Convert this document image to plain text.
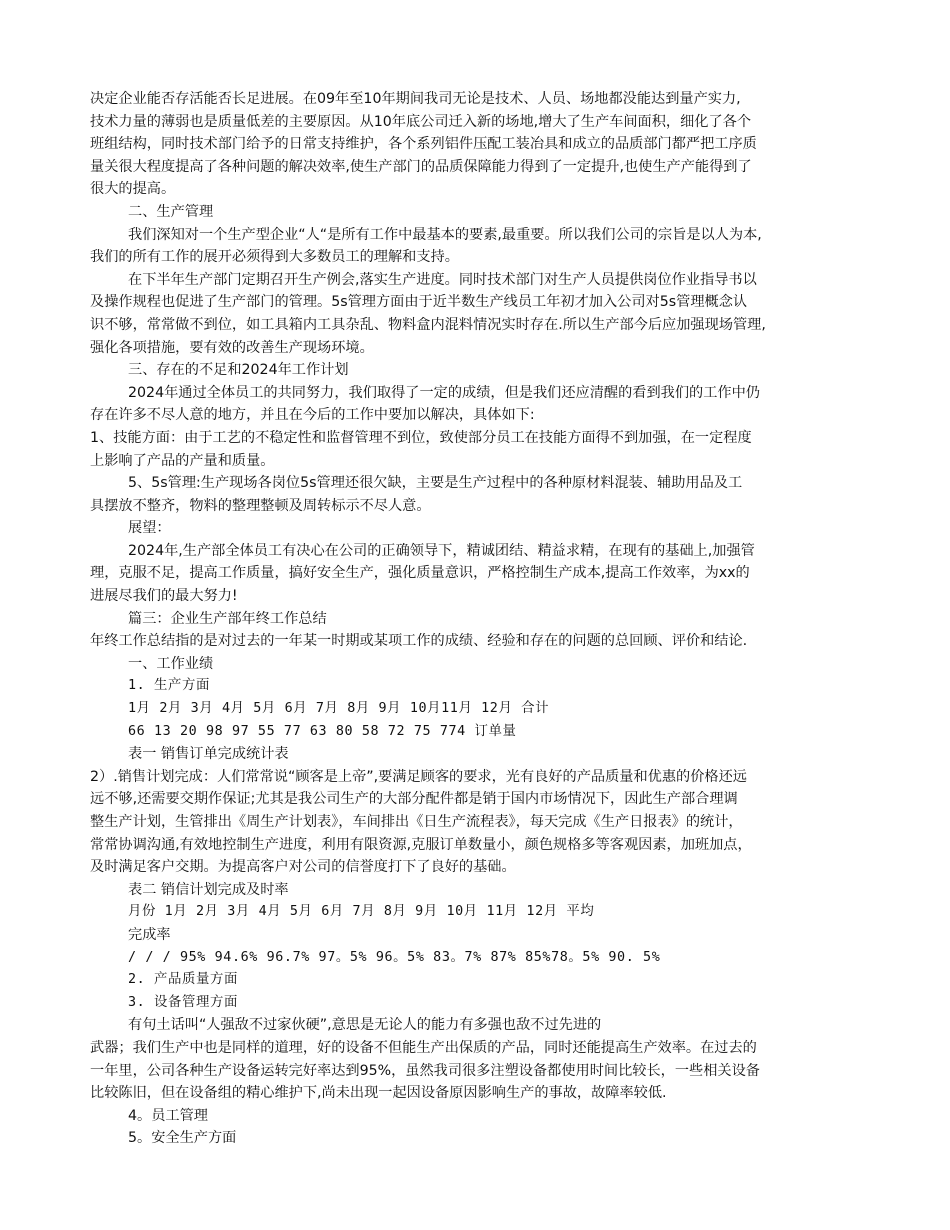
决定企业能否存活能否长足进展。在09年至10年期间我司无论是技术、人员、场地都没能达到量产实力,
技术力量的薄弱也是质量低差的主要原因。从10年底公司迁入新的场地,增大了生产车间面积，细化了各个
班组结构，同时技术部门给予的日常支持维护，各个系列铝件压配工装冶具和成立的品质部门都严把工序质
量关很大程度提高了各种问题的解决效率,使生产部门的品质保障能力得到了一定提升,也使生产产能得到了
很大的提高。
二、生产管理
我们深知对一个生产型企业“人“是所有工作中最基本的要素,最重要。所以我们公司的宗旨是以人为本,
我们的所有工作的展开必须得到大多数员工的理解和支持。
在下半年生产部门定期召开生产例会,落实生产进度。同时技术部门对生产人员提供岗位作业指导书以
及操作规程也促进了生产部门的管理。5s管理方面由于近半数生产线员工年初才加入公司对5s管理概念认
识不够，常常做不到位，如工具箱内工具杂乱、物料盒内混料情况实时存在.所以生产部今后应加强现场管理,
强化各项措施，要有效的改善生产现场环境。
三、存在的不足和2024年工作计划
2024年通过全体员工的共同努力，我们取得了一定的成绩，但是我们还应清醒的看到我们的工作中仍
存在许多不尽人意的地方，并且在今后的工作中要加以解决，具体如下:
1、技能方面：由于工艺的不稳定性和监督管理不到位，致使部分员工在技能方面得不到加强，在一定程度
上影响了产品的产量和质量。
5、5s管理:生产现场各岗位5s管理还很欠缺，主要是生产过程中的各种原材料混装、辅助用品及工
具摆放不整齐，物料的整理整顿及周转标示不尽人意。
展望：
2024年,生产部全体员工有决心在公司的正确领导下，精诚团结、精益求精，在现有的基础上,加强管
理，克服不足，提高工作质量，搞好安全生产，强化质量意识，严格控制生产成本,提高工作效率，为xx的
进展尽我们的最大努力!
篇三：企业生产部年终工作总结
年终工作总结指的是对过去的一年某一时期或某项工作的成绩、经验和存在的问题的总回顾、评价和结论.
一、工作业绩
1. 生产方面
1月 2月 3月 4月 5月 6月 7月 8月 9月 10月11月 12月 合计
66 13 20 98 97 55 77 63 80 58 72 75 774 订单量
表一 销售订单完成统计表
2）.销售计划完成：人们常常说“顾客是上帝”,要满足顾客的要求，光有良好的产品质量和优惠的价格还远
远不够,还需要交期作保证;尤其是我公司生产的大部分配件都是销于国内市场情况下，因此生产部合理调
整生产计划，生管排出《周生产计划表》，车间排出《日生产流程表》，每天完成《生产日报表》的统计，
常常协调沟通,有效地控制生产进度，利用有限资源,克服订单数量小，颜色规格多等客观因素，加班加点，
及时满足客户交期。为提高客户对公司的信誉度打下了良好的基础。
表二 销信计划完成及时率
月份 1月 2月 3月 4月 5月 6月 7月 8月 9月 10月 11月 12月 平均
完成率
/ / / 95% 94.6% 96.7% 97。5% 96。5% 83。7% 87% 85%78。5% 90. 5%
2. 产品质量方面
3. 设备管理方面
有句土话叫“人强敌不过家伙硬”,意思是无论人的能力有多强也敌不过先进的
武器；我们生产中也是同样的道理，好的设备不但能生产出保质的产品，同时还能提高生产效率。在过去的
一年里，公司各种生产设备运转完好率达到95%，虽然我司很多注塑设备都使用时间比较长，一些相关设备
比较陈旧，但在设备组的精心维护下,尚未出现一起因设备原因影响生产的事故，故障率较低.
4。员工管理
5。安全生产方面
